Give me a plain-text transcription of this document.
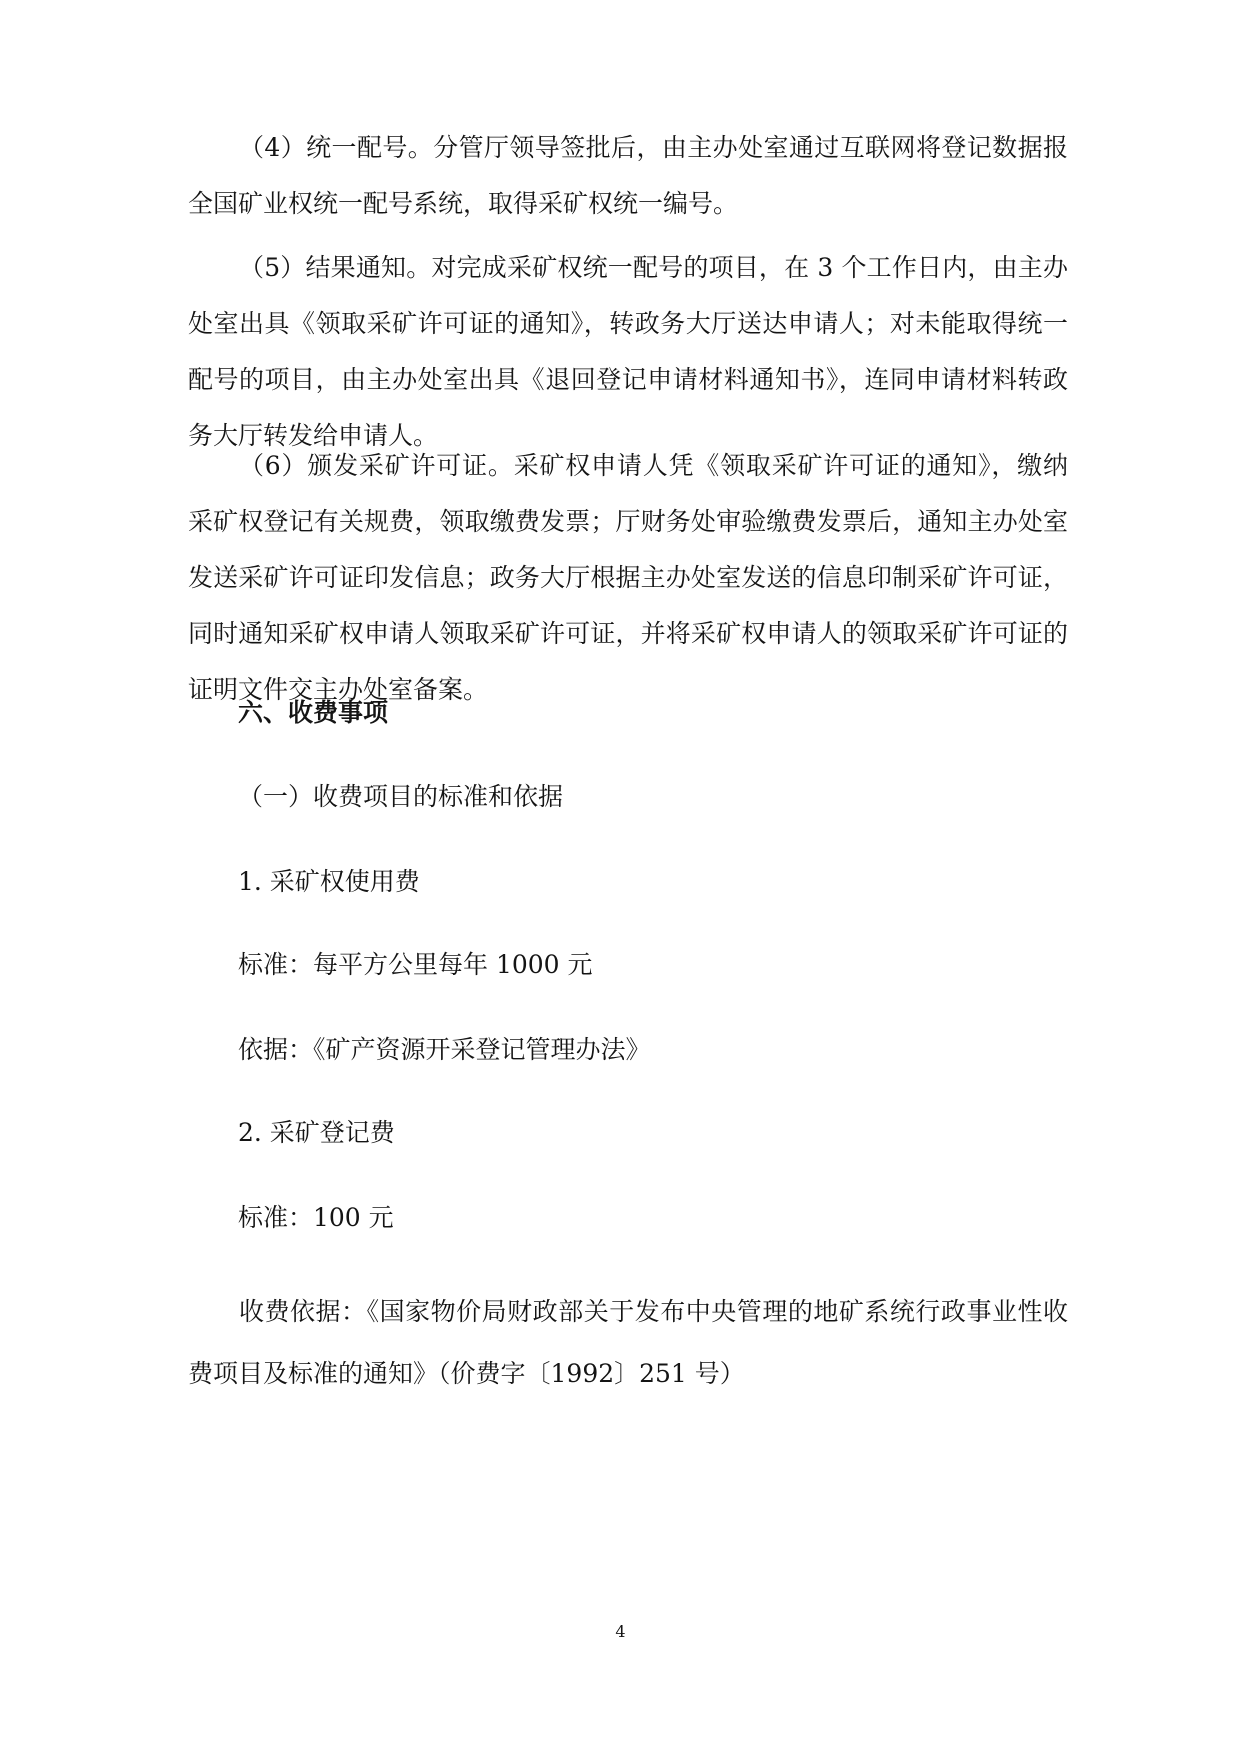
（4）统一配号。分管厅领导签批后，由主办处室通过互联网将登记数据报
全国矿业权统一配号系统，取得采矿权统一编号。
（5）结果通知。对完成采矿权统一配号的项目，在 3 个工作日内，由主办
处室出具《领取采矿许可证的通知》，转政务大厅送达申请人；对未能取得统一
配号的项目，由主办处室出具《退回登记申请材料通知书》，连同申请材料转政
务大厅转发给申请人。
（6）颁发采矿许可证。采矿权申请人凭《领取采矿许可证的通知》，缴纳
采矿权登记有关规费，领取缴费发票；厅财务处审验缴费发票后，通知主办处室
发送采矿许可证印发信息；政务大厅根据主办处室发送的信息印制采矿许可证，
同时通知采矿权申请人领取采矿许可证，并将采矿权申请人的领取采矿许可证的
证明文件交主办处室备案。
六、收费事项
（一）收费项目的标准和依据
1. 采矿权使用费
标准：每平方公里每年 1000 元
依据：《矿产资源开采登记管理办法》
2. 采矿登记费
标准：100 元
收费依据：《国家物价局财政部关于发布中央管理的地矿系统行政事业性收
费项目及标准的通知》（价费字〔1992〕251 号）
4
